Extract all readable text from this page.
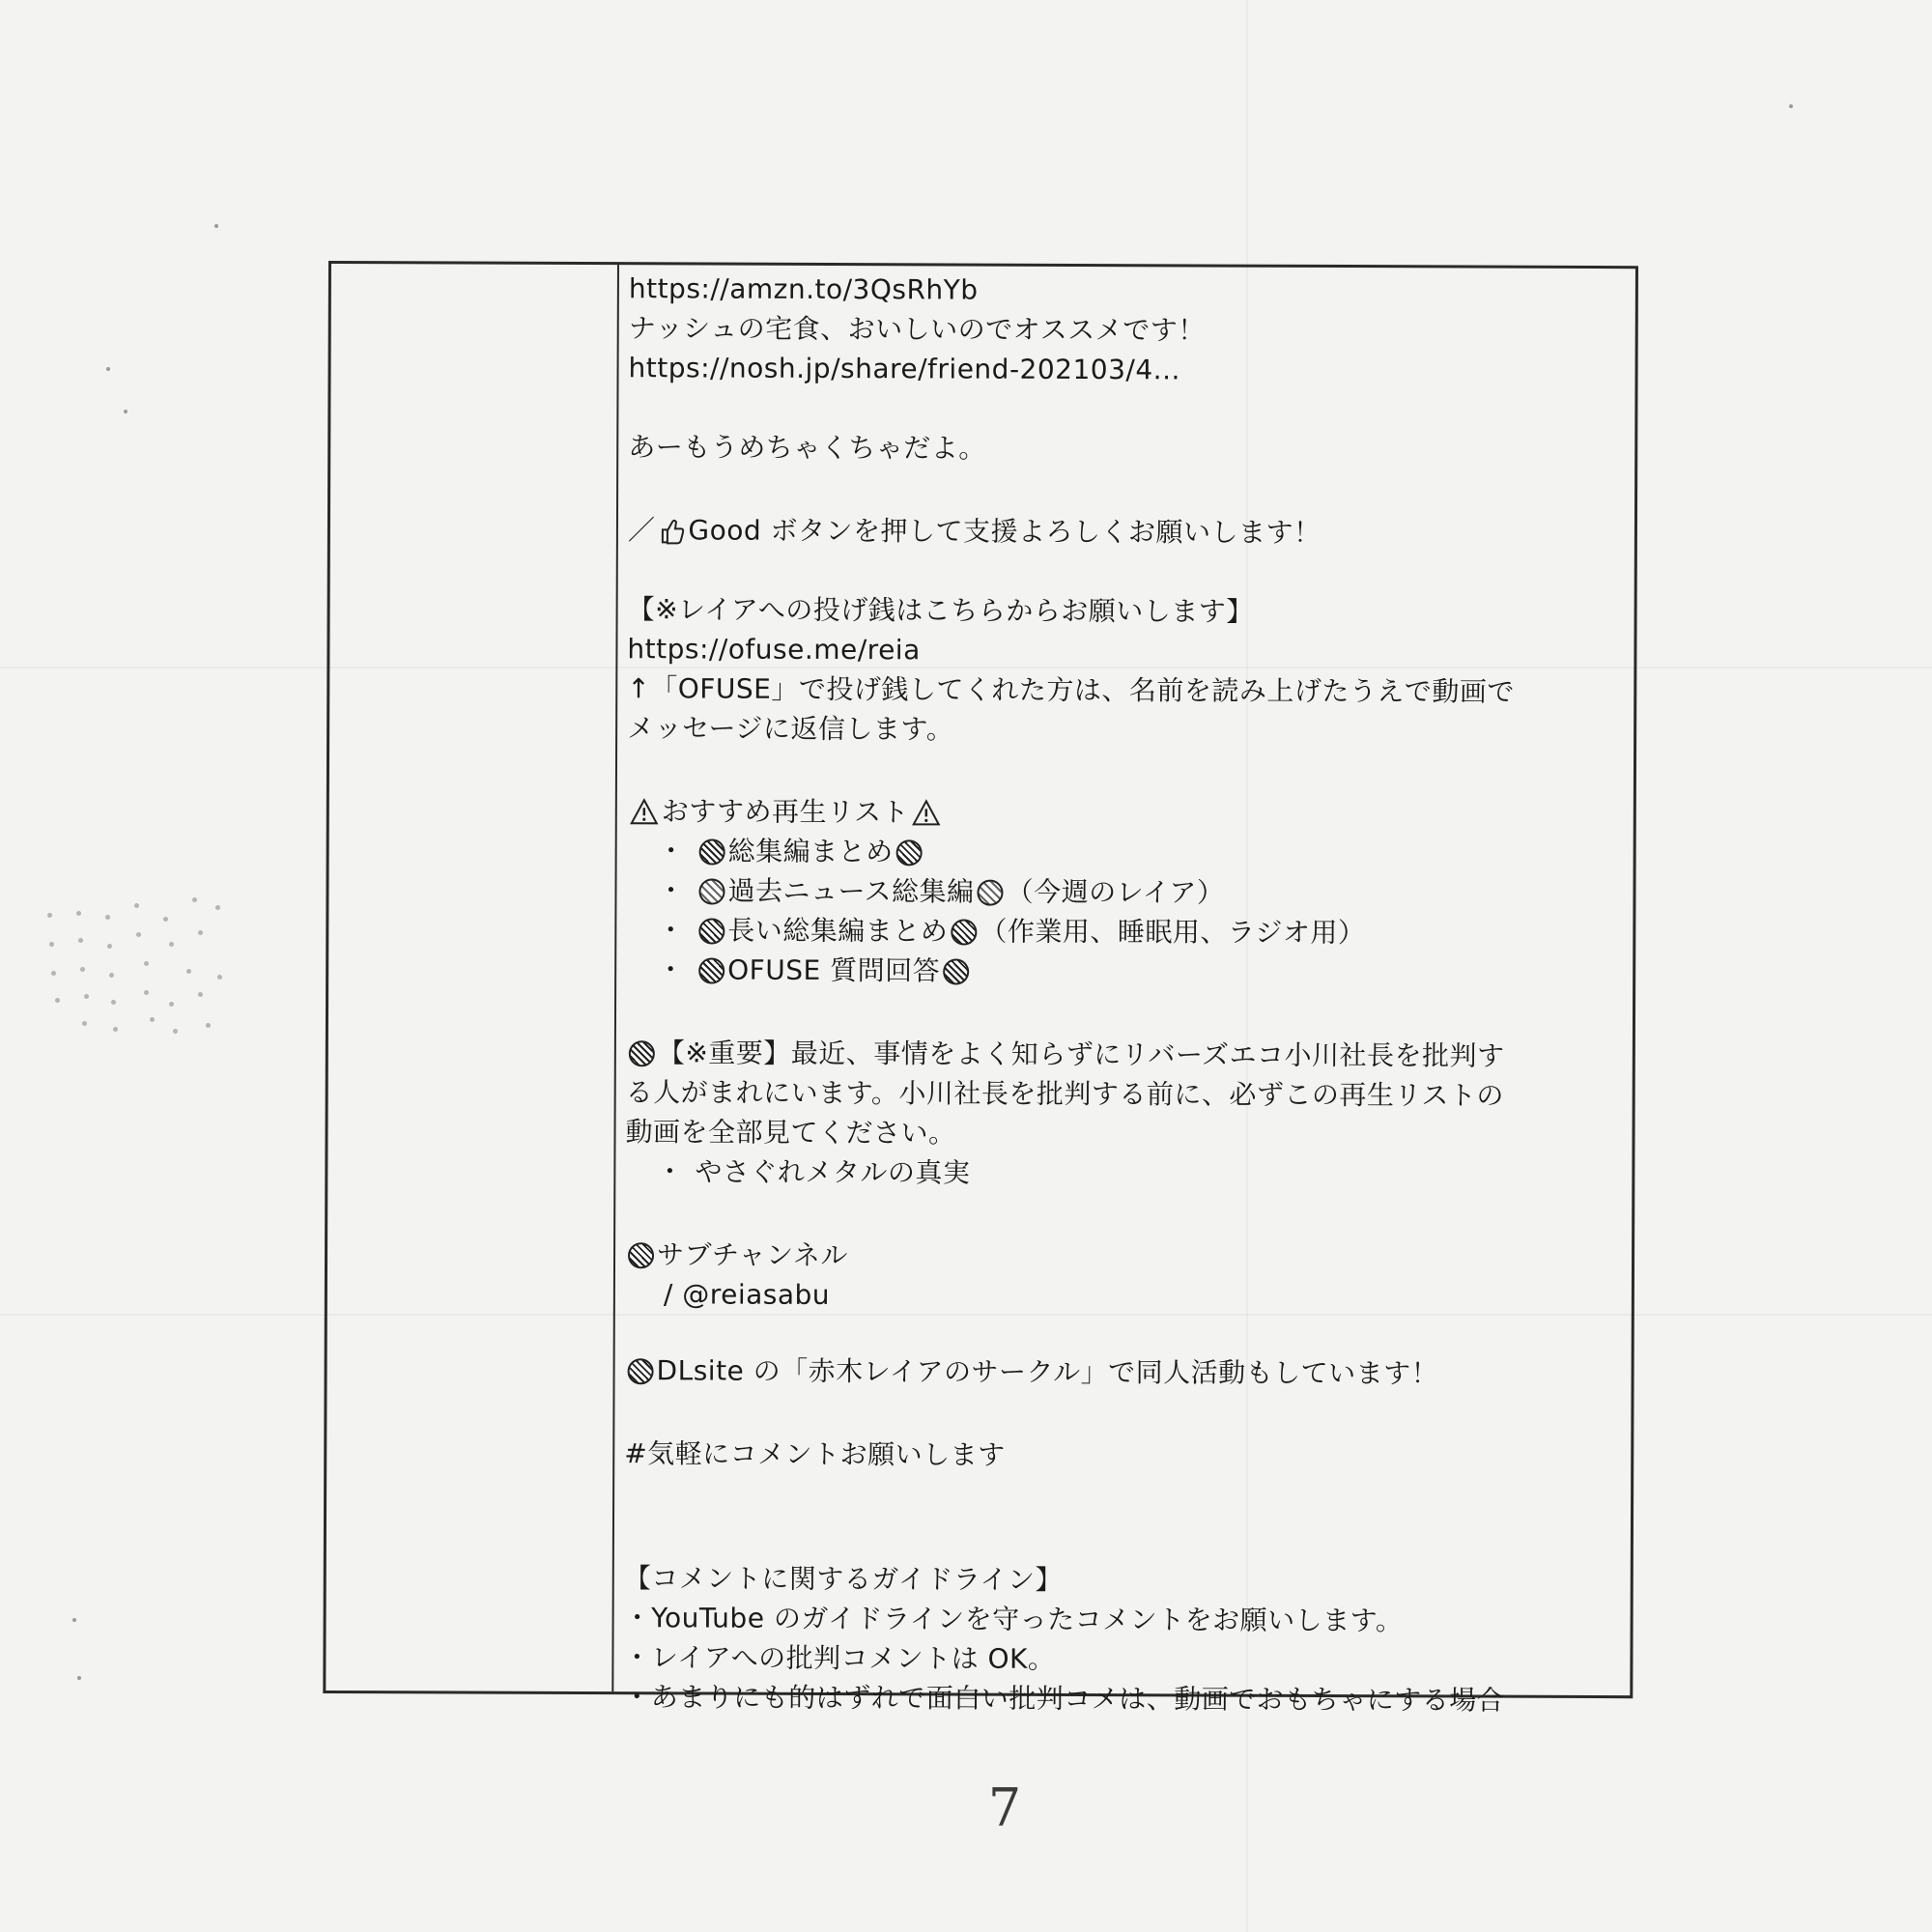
https://amzn.to/3QsRhYb
ナッシュの宅食、おいしいのでオススメです！
https://nosh.jp/share/friend-202103/4...
あーもうめちゃくちゃだよ。
／ Good ボタンを押して支援よろしくお願いします！
【※レイアへの投げ銭はこちらからお願いします】
https://ofuse.me/reia
↑「OFUSE」で投げ銭してくれた方は、名前を読み上げたうえで動画で
メッセージに返信します。
おすすめ再生リスト
・ 総集編まとめ
・ 過去ニュース総集編 （今週のレイア）
・ 長い総集編まとめ （作業用、睡眠用、ラジオ用）
・ OFUSE 質問回答
【※重要】最近、事情をよく知らずにリバーズエコ小川社長を批判す
る人がまれにいます。小川社長を批判する前に、必ずこの再生リストの
動画を全部見てください。
・ やさぐれメタルの真実
サブチャンネル
/ @reiasabu
DLsite の「赤木レイアのサークル」で同人活動もしています！
#気軽にコメントお願いします
【コメントに関するガイドライン】
・YouTube のガイドラインを守ったコメントをお願いします。
・レイアへの批判コメントは OK。
・あまりにも的はずれで面白い批判コメは、動画でおもちゃにする場合
7
